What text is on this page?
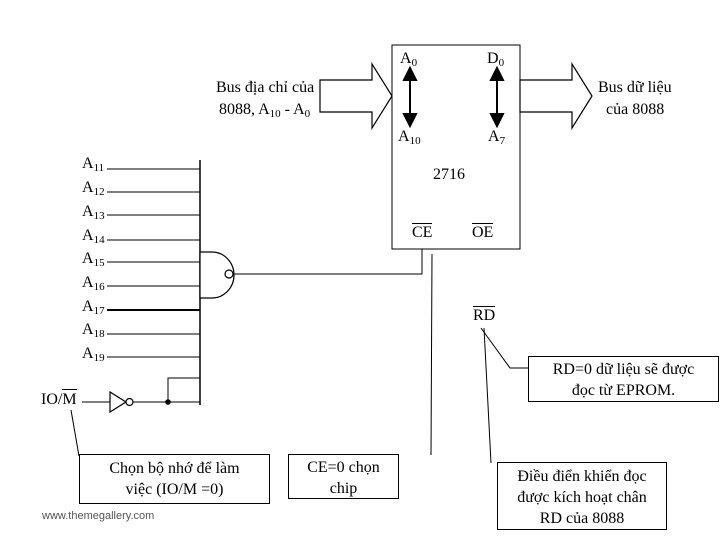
$A_0$	$D_0$
$A_{10}$	$A_7$
2716
CE OE
Bus địa chỉ của
8088, $A_{10} - A_0$
Bus dữ liệu
của 8088
$A_{11}$
$A_{12}$
$A_{13}$
$A_{14}$
$A_{15}$
$A_{16}$
$A_{17}$
$A_{18}$
$A_{19}$
IO/M
RD
RD=0 dữ liệu sẽ được
đọc từ EPROM.
Chọn bộ nhớ để làm
việc (IO/M =0)
CE=0 chọn
chip
Điều điển khiển đọc
được kích hoạt chân
RD của 8088
www.themegallery.com
